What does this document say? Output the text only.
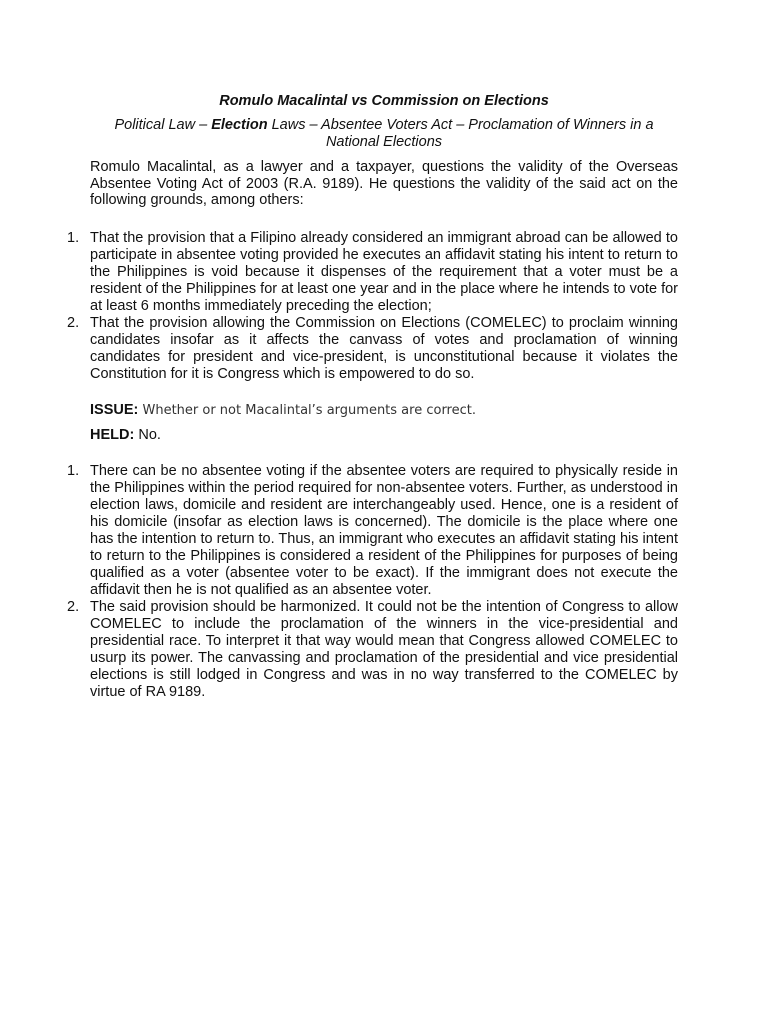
Romulo Macalintal vs Commission on Elections
Political Law – Election Laws – Absentee Voters Act – Proclamation of Winners in a National Elections
Romulo Macalintal, as a lawyer and a taxpayer, questions the validity of the Overseas Absentee Voting Act of 2003 (R.A. 9189). He questions the validity of the said act on the following grounds, among others:
1. That the provision that a Filipino already considered an immigrant abroad can be allowed to participate in absentee voting provided he executes an affidavit stating his intent to return to the Philippines is void because it dispenses of the requirement that a voter must be a resident of the Philippines for at least one year and in the place where he intends to vote for at least 6 months immediately preceding the election;
2. That the provision allowing the Commission on Elections (COMELEC) to proclaim winning candidates insofar as it affects the canvass of votes and proclamation of winning candidates for president and vice-president, is unconstitutional because it violates the Constitution for it is Congress which is empowered to do so.
ISSUE: Whether or not Macalintal’s arguments are correct.
HELD: No.
1. There can be no absentee voting if the absentee voters are required to physically reside in the Philippines within the period required for non-absentee voters. Further, as understood in election laws, domicile and resident are interchangeably used. Hence, one is a resident of his domicile (insofar as election laws is concerned). The domicile is the place where one has the intention to return to. Thus, an immigrant who executes an affidavit stating his intent to return to the Philippines is considered a resident of the Philippines for purposes of being qualified as a voter (absentee voter to be exact). If the immigrant does not execute the affidavit then he is not qualified as an absentee voter.
2. The said provision should be harmonized. It could not be the intention of Congress to allow COMELEC to include the proclamation of the winners in the vice-presidential and presidential race. To interpret it that way would mean that Congress allowed COMELEC to usurp its power. The canvassing and proclamation of the presidential and vice presidential elections is still lodged in Congress and was in no way transferred to the COMELEC by virtue of RA 9189.
